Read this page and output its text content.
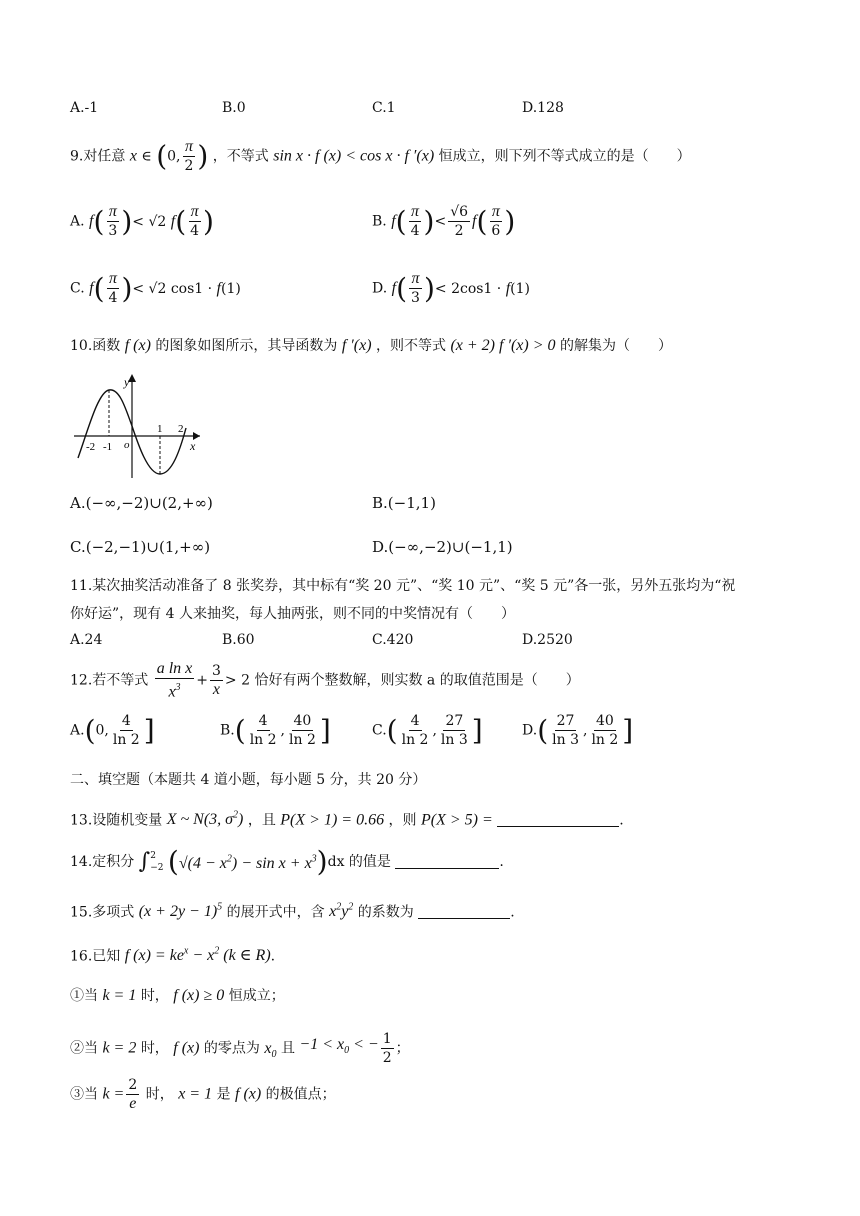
A.-1	B.0	C.1	D.128
9.对任意 x ∈ (0, $\frac{\pi}{2}$ ) ，不等式 sin x · f (x) < cos x · f ′(x) 恒成立，则下列不等式成立的是（　　）
A. $f( \frac{\pi}{3}$ )< √2 $f( \frac{\pi}{4}$ )	B. $f( \frac{\pi}{4}$ )< $\frac{√6}{2} f( \frac{\pi}{6}$ )
C. $f( \frac{\pi}{4}$ )< √2 cos1 · f(1)	D. $f( \frac{\pi}{3}$ )< 2cos1 · f(1)
10.函数 f (x) 的图象如图所示，其导函数为 f ′(x) ，则不等式 (x + 2) f ′(x) > 0 的解集为（　　）
-2 -1 o
1 2
x
y
A.(−∞,−2)∪(2,+∞)	B.(−1,1)
C.(−2,−1)∪(1,+∞)	D.(−∞,−2)∪(−1,1)
11.某次抽奖活动准备了 8 张奖券，其中标有“奖 20 元”、“奖 10 元”、“奖 5 元”各一张，另外五张均为“祝
你好运”，现有 4 人来抽奖，每人抽两张，则不同的中奖情况有（　　）
A.24	B.60	C.420	D.2520
12.若不等式 $\frac{\text{a ln x}}{x^3} + \frac{3}{x} > 2$ 恰好有两个整数解，则实数 a 的取值范围是（　　）
A.(0, $\frac{4}{\ln 2}$ ]	$B.( \frac{4}{\ln 2}$ , $\frac{40}{\ln 2}$ ]	$C.( \frac{4}{\ln 2}$ , $\frac{27}{\ln 3}$ ]	$D.( \frac{27}{\ln 3}$ , $\frac{40}{\ln 2}$ ]
二、填空题（本题共 4 道小题，每小题 5 分，共 20 分）
13.设随机变量 X ~ N(3, $\sigma^2$) ，且 P(X > 1) = 0.66 ，则 P(X > 5) =	.
14.定积分 ∫ 2
−2 $(√(4 - x^2) - \sin x + x^3)dx$ 的值是	.
15.多项式 $(x + 2y - 1)^5$ 的展开式中，含 $x^2y^2$ 的系数为	.
16.已知 f $(x) = ke^x - x^2$ (k ∈ R).
①当 k = 1 时， f (x) ≥ 0 恒成立；
②当 k = 2 时， f (x) 的零点为 $x_0$ 且 $-1 < x_0$ < − $\frac{1}{2}$ ；
③当 $k = \frac{2}{e}$ 时， x = 1 是 f (x) 的极值点；
